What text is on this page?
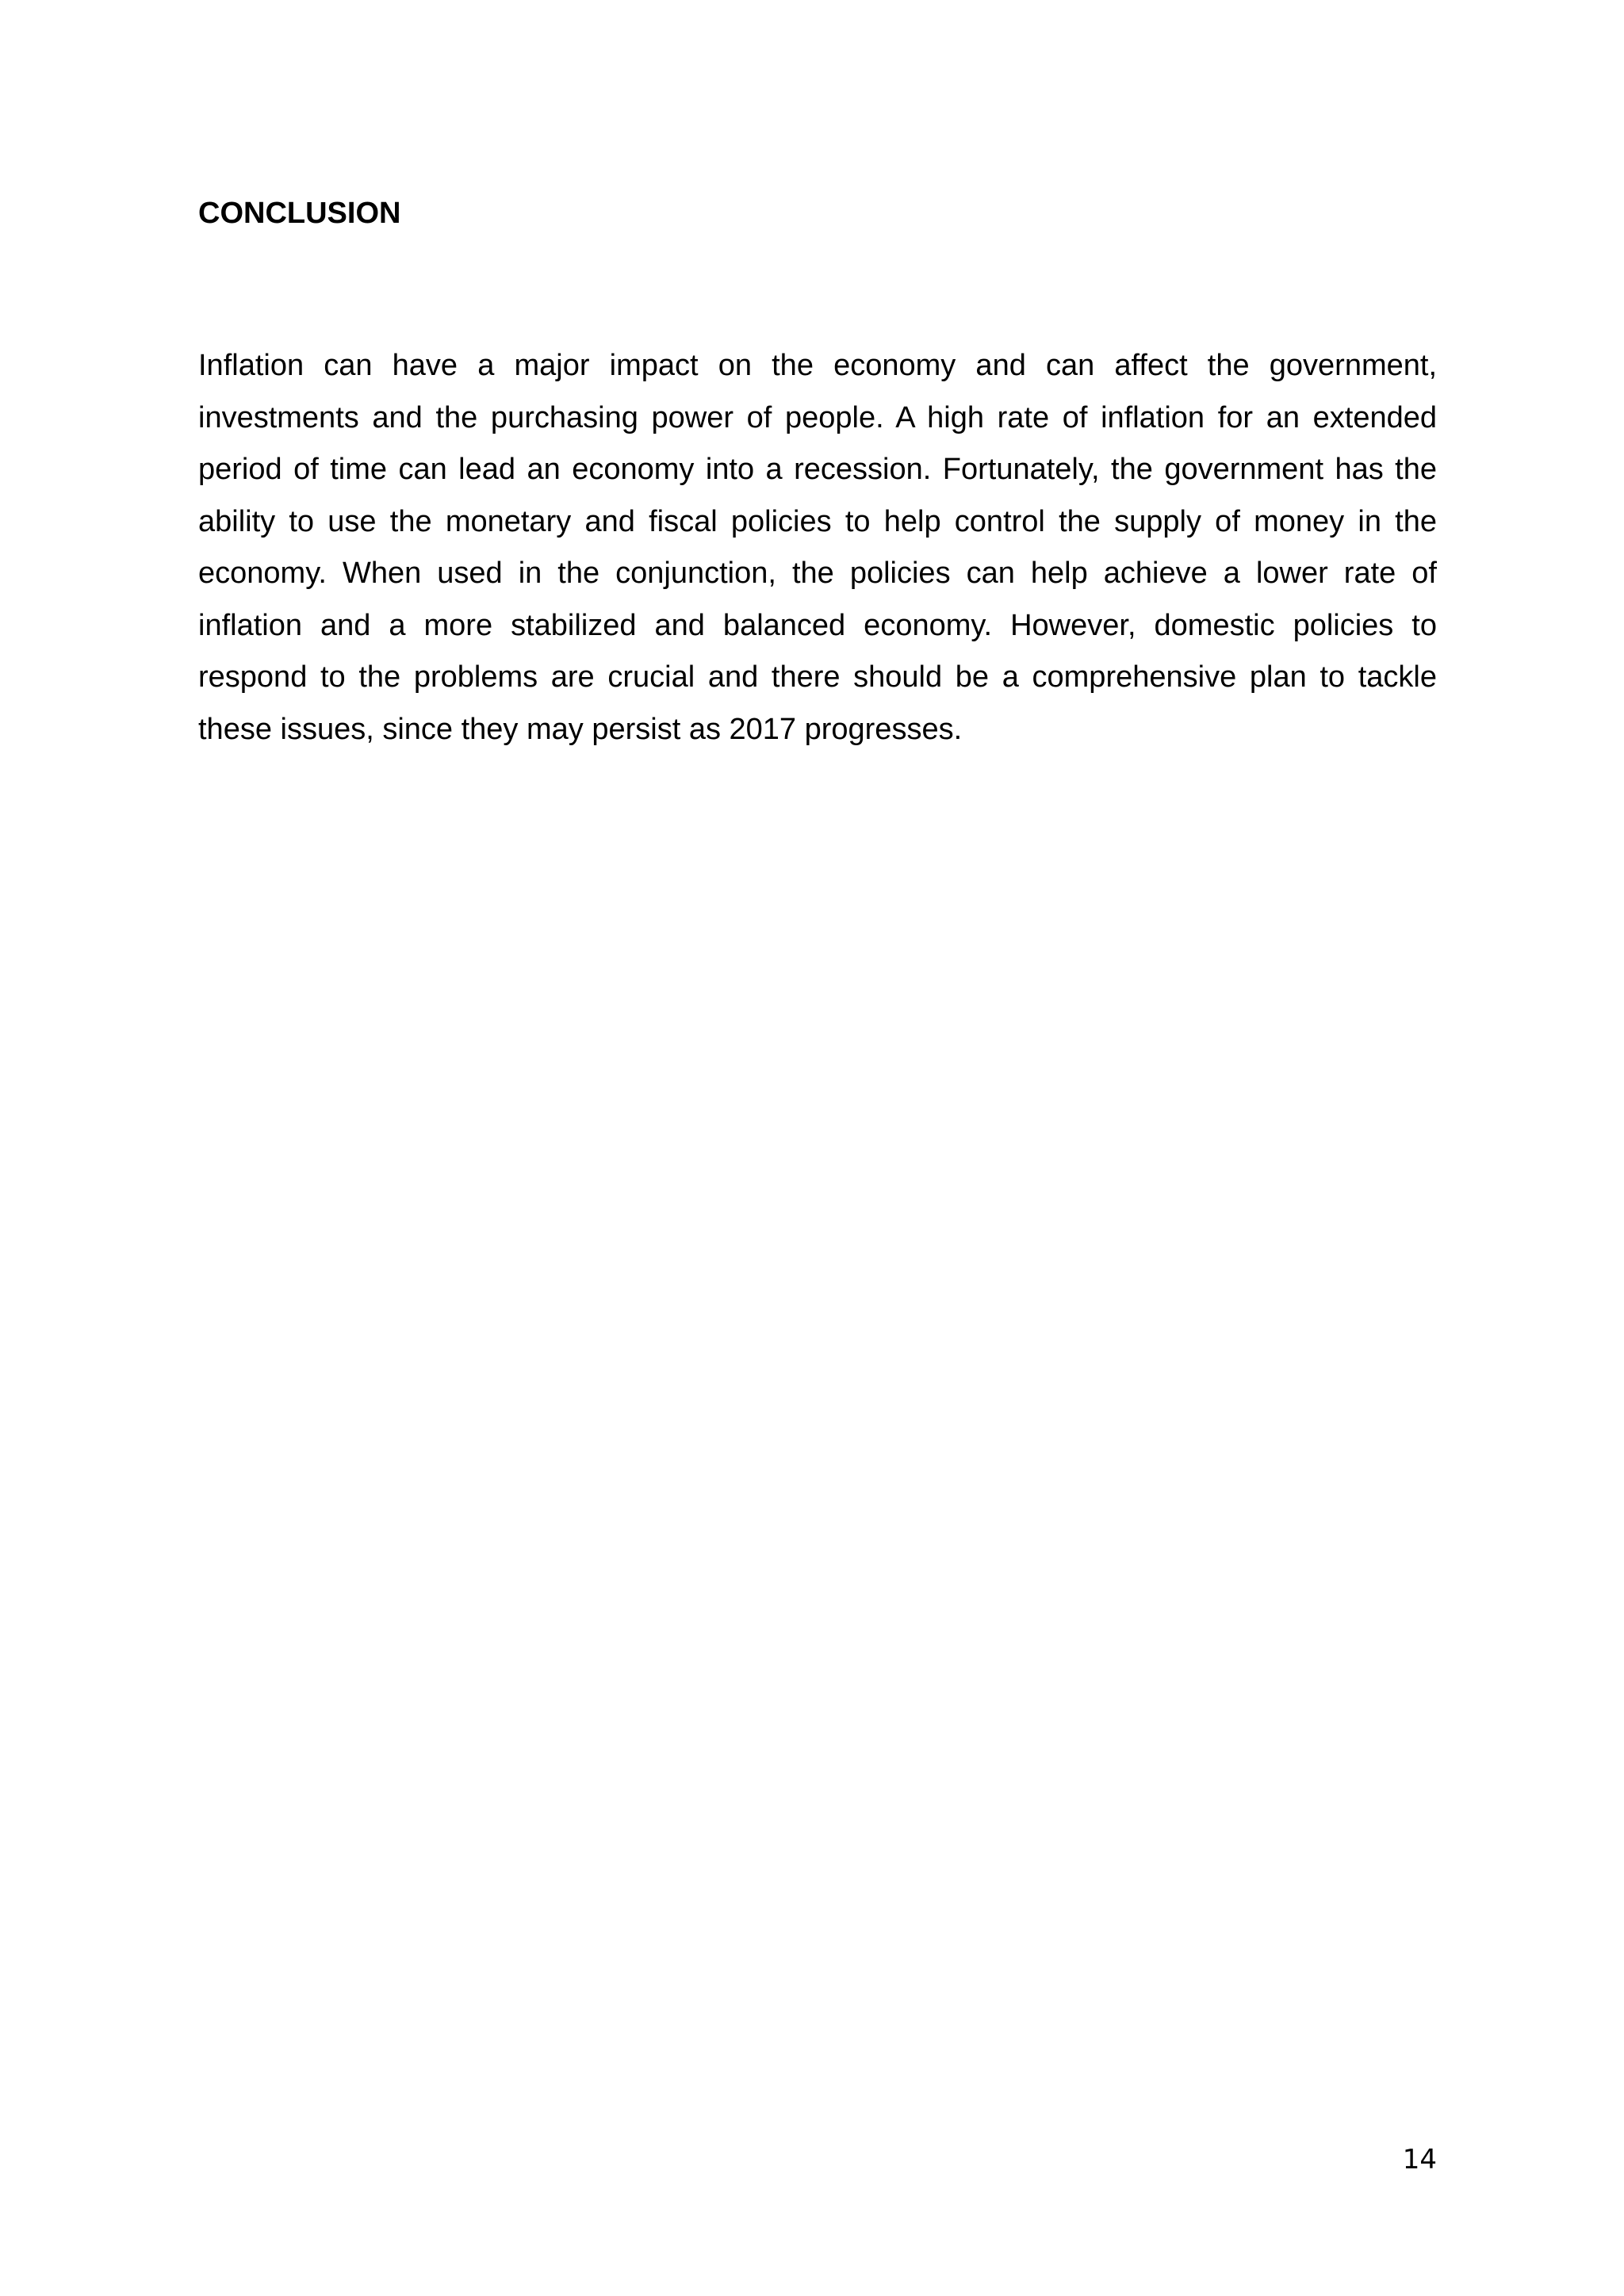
CONCLUSION

Inflation can have a major impact on the economy and can affect the government, investments and the purchasing power of people. A high rate of inflation for an extended period of time can lead an economy into a recession. Fortunately, the government has the ability to use the monetary and fiscal policies to help control the supply of money in the economy. When used in the conjunction, the policies can help achieve a lower rate of inflation and a more stabilized and balanced economy. However, domestic policies to respond to the problems are crucial and there should be a comprehensive plan to tackle these issues, since they may persist as 2017 progresses.

14
